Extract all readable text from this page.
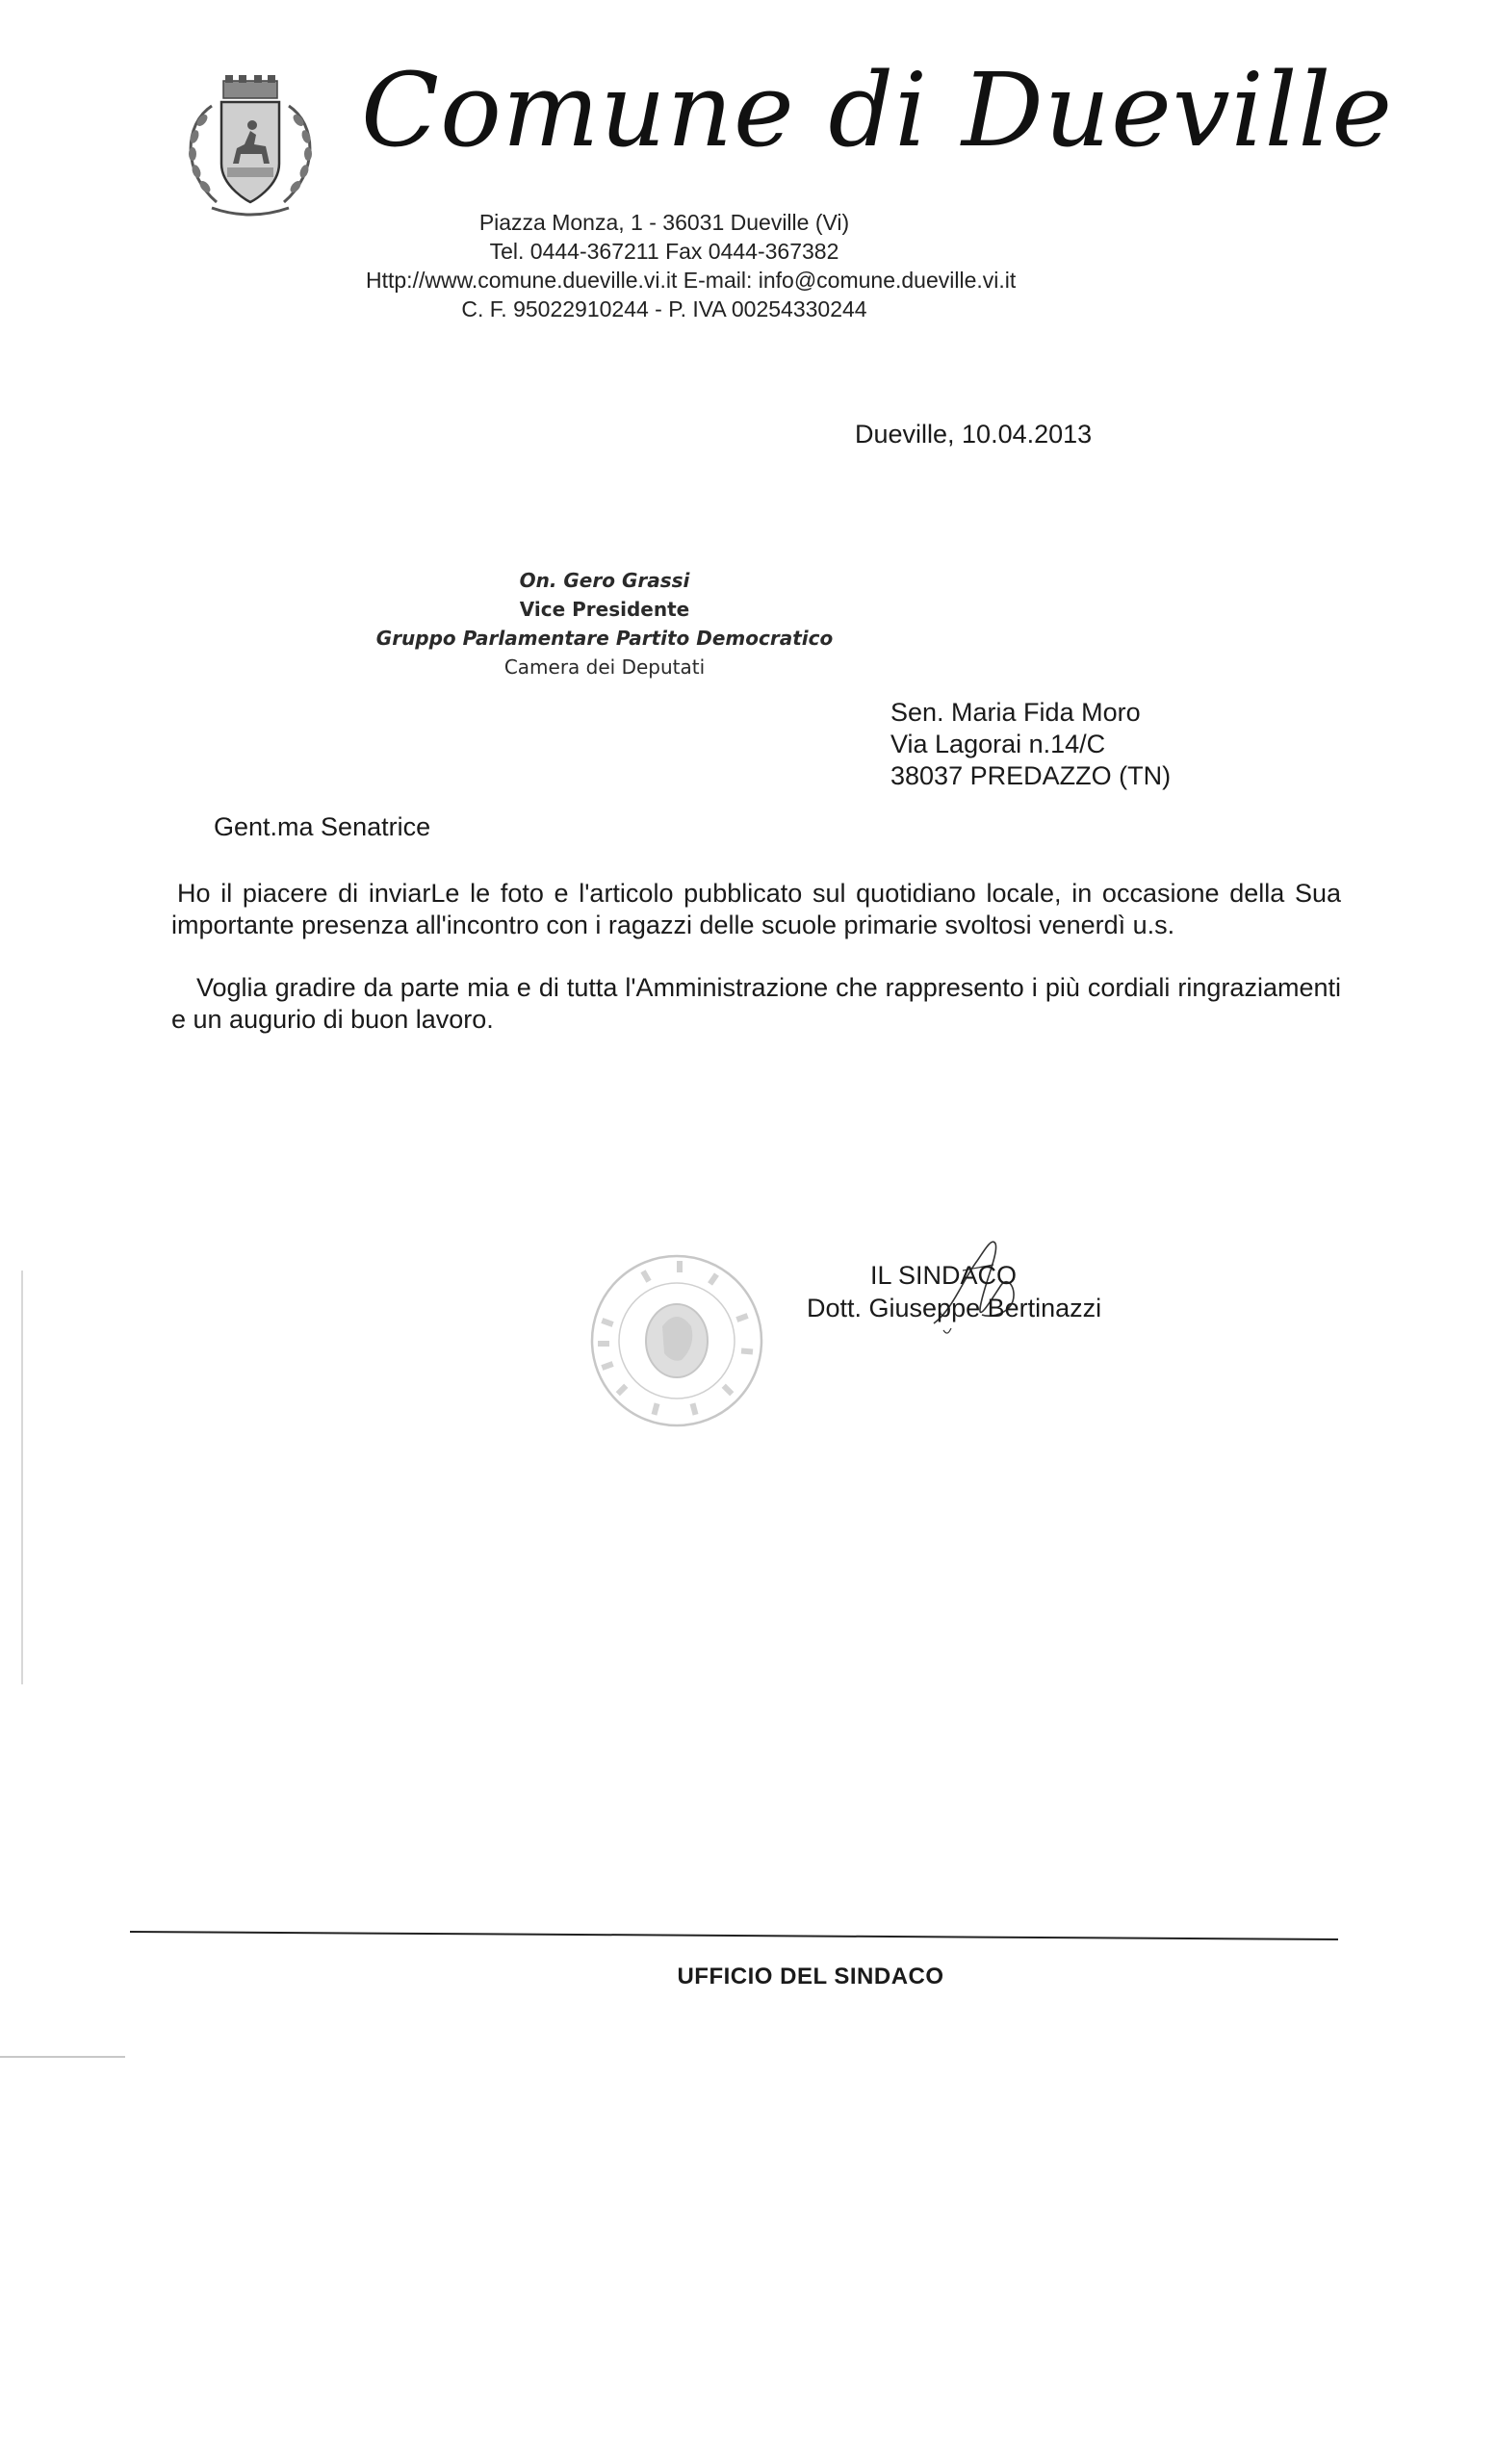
Comune di Dueville
Piazza Monza, 1 - 36031 Dueville (Vi)
Tel. 0444-367211 Fax 0444-367382
Http://www.comune.dueville.vi.it E-mail: info@comune.dueville.vi.it
C. F. 95022910244 - P. IVA 00254330244
Dueville, 10.04.2013
On. Gero Grassi
Vice Presidente
Gruppo Parlamentare Partito Democratico
Camera dei Deputati
Sen. Maria Fida Moro
Via Lagorai n.14/C
38037 PREDAZZO (TN)
Gent.ma Senatrice
Ho il piacere di inviarLe le foto e l'articolo pubblicato sul quotidiano locale, in occasione della Sua importante presenza all'incontro con i ragazzi delle scuole primarie svoltosi venerdì u.s.
Voglia gradire da parte mia e di tutta l'Amministrazione che rappresento i più cordiali ringraziamenti e un augurio di buon lavoro.
IL SINDACO
Dott. Giuseppe Bertinazzi
UFFICIO DEL SINDACO
